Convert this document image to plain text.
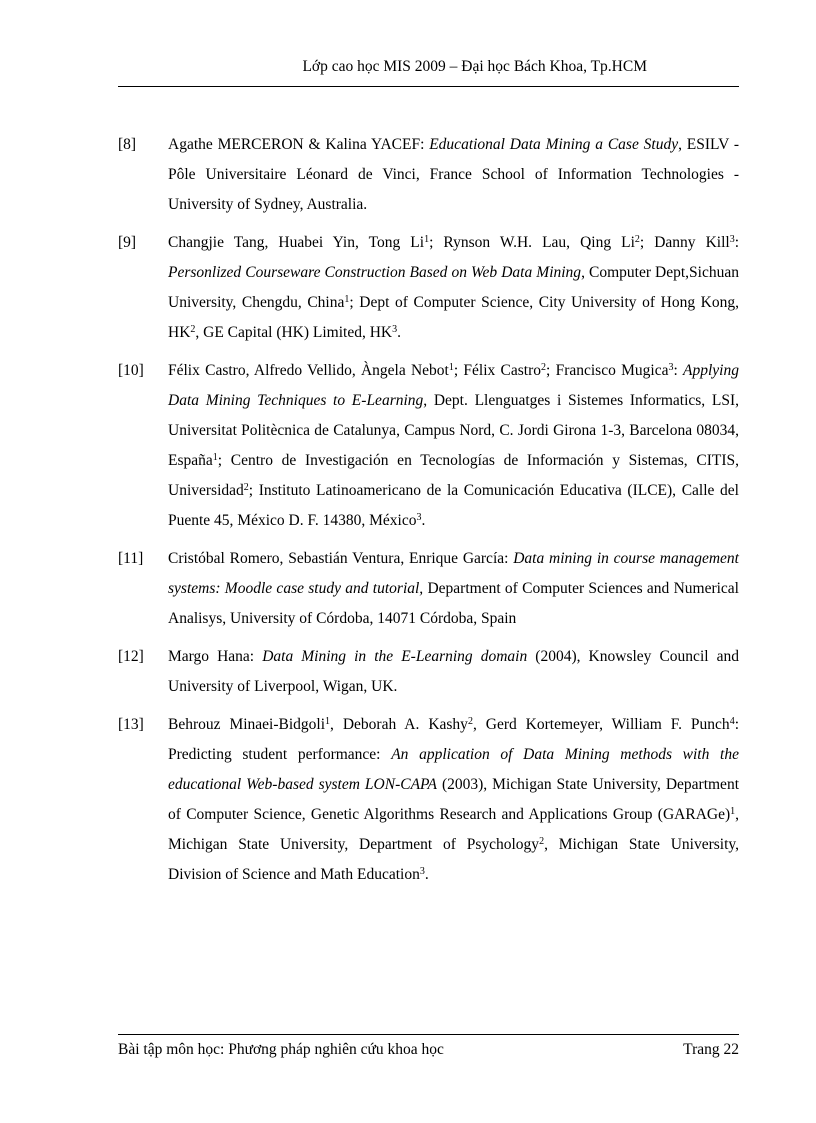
Lớp cao học MIS 2009 – Đại học Bách Khoa, Tp.HCM
[8] Agathe MERCERON & Kalina YACEF: Educational Data Mining a Case Study, ESILV - Pôle Universitaire Léonard de Vinci, France School of Information Technologies - University of Sydney, Australia.
[9] Changjie Tang, Huabei Yin, Tong Li$^1$; Rynson W.H. Lau, Qing Li$^2$; Danny Kill$^3$: Personlized Courseware Construction Based on Web Data Mining, Computer Dept,Sichuan University, Chengdu, China$^1$; Dept of Computer Science, City University of Hong Kong, $HK^2$, GE Capital (HK) Limited, $HK^3$.
[10] Félix Castro, Alfredo Vellido, Àngela Nebot$^1$; Félix Castro$^2$; Francisco Mugica$^3$: Applying Data Mining Techniques to E-Learning, Dept. Llenguatges i Sistemes Informatics, LSI, Universitat Politècnica de Catalunya, Campus Nord, C. Jordi Girona 1-3, Barcelona 08034, España$^1$; Centro de Investigación en Tecnologías de Información y Sistemas, CITIS, Universidad$^2$; Instituto Latinoamericano de la Comunicación Educativa (ILCE), Calle del Puente 45, México D. F. 14380, México$^3$.
[11] Cristóbal Romero, Sebastián Ventura, Enrique García: Data mining in course management systems: Moodle case study and tutorial, Department of Computer Sciences and Numerical Analisys, University of Córdoba, 14071 Córdoba, Spain
[12] Margo Hana: Data Mining in the E-Learning domain (2004), Knowsley Council and University of Liverpool, Wigan, UK.
[13] Behrouz Minaei-Bidgoli$^1$, Deborah A. Kashy$^2$, Gerd Kortemeyer, William F. Punch$^4$: Predicting student performance: An application of Data Mining methods with the educational Web-based system LON-CAPA (2003), Michigan State University, Department of Computer Science, Genetic Algorithms Research and Applications Group (GARAGe)$^1$, Michigan State University, Department of Psychology$^2$, Michigan State University, Division of Science and Math Education$^3$.
Bài tập môn học: Phương pháp nghiên cứu khoa học	Trang 22
